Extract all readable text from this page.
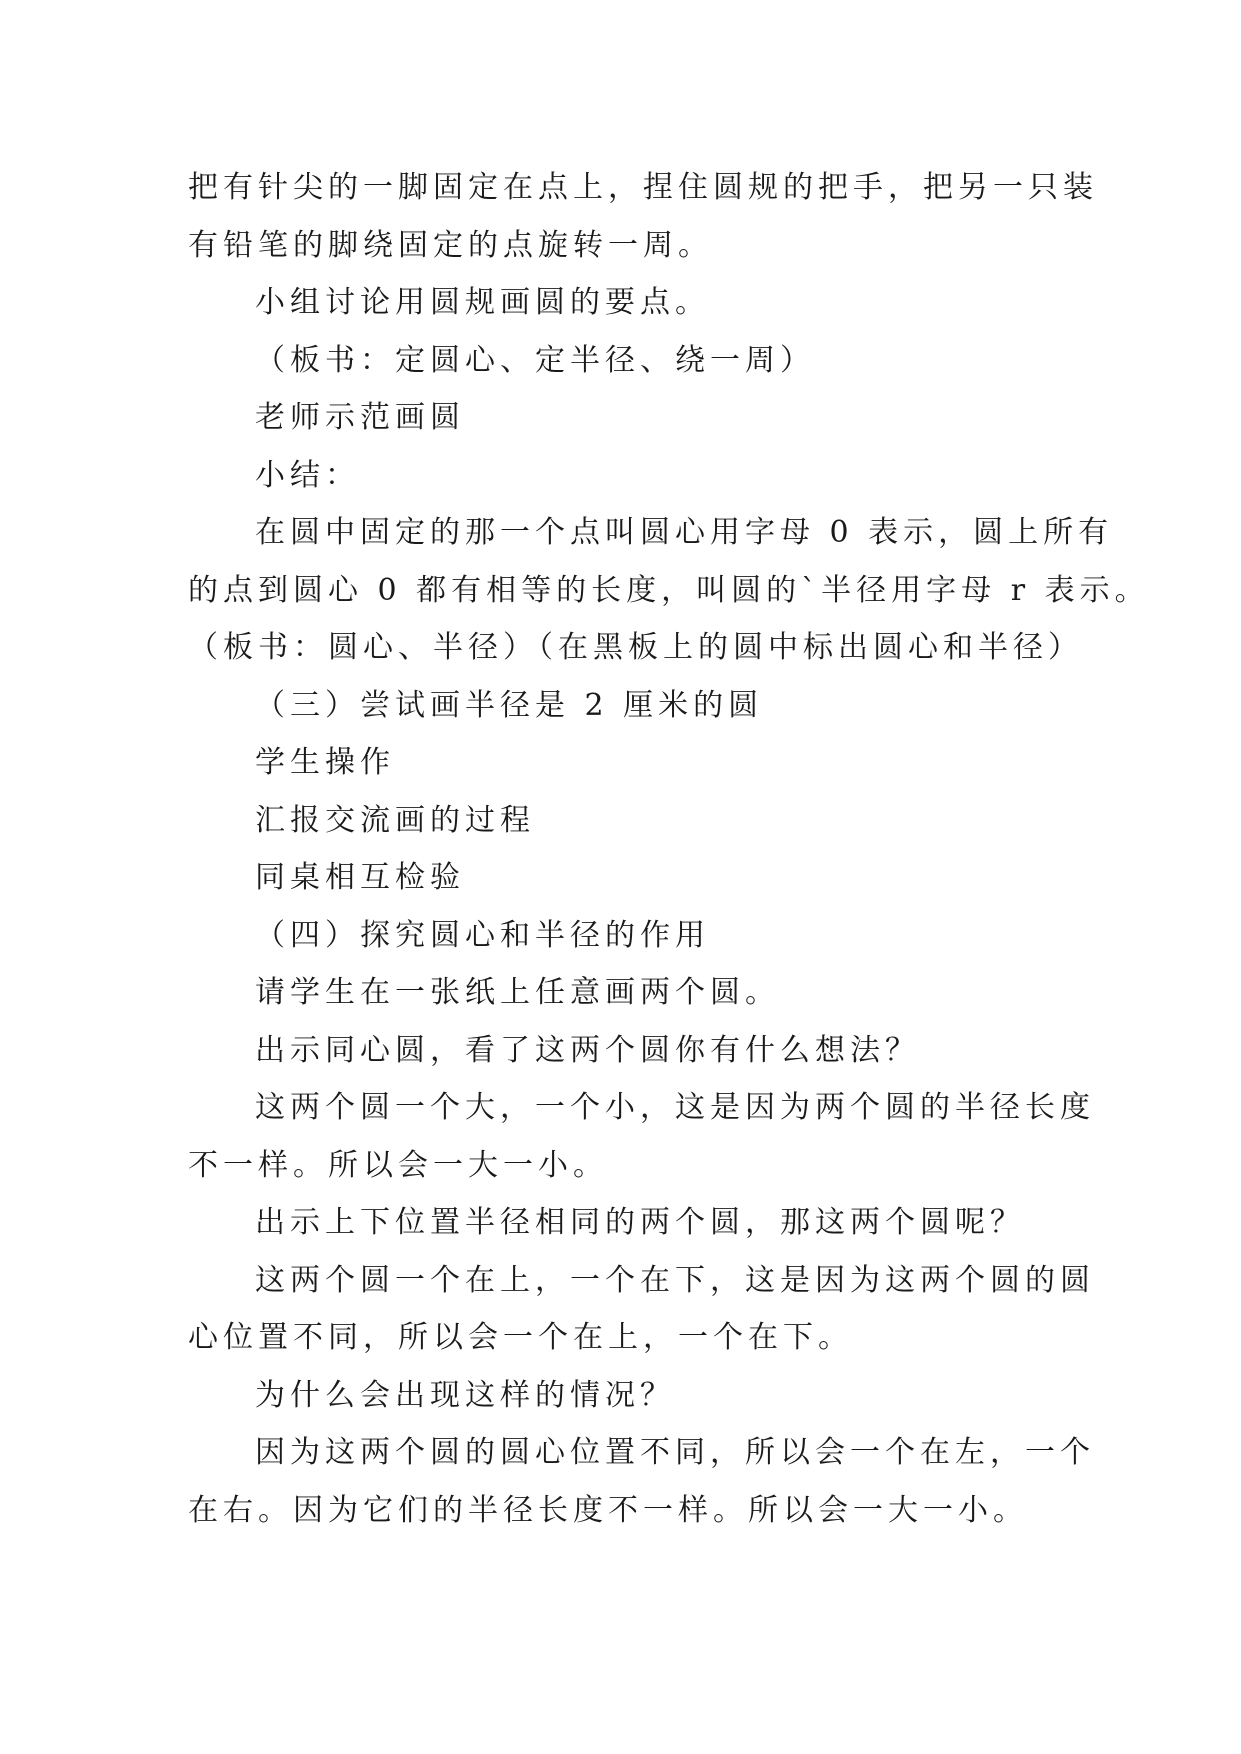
把有针尖的一脚固定在点上，捏住圆规的把手，把另一只装
有铅笔的脚绕固定的点旋转一周。
小组讨论用圆规画圆的要点。
（板书：定圆心、定半径、绕一周）
老师示范画圆
小结：
在圆中固定的那一个点叫圆心用字母 0 表示，圆上所有
的点到圆心 0 都有相等的长度，叫圆的`半径用字母 r 表示。
（板书：圆心、半径）（在黑板上的圆中标出圆心和半径）
（三）尝试画半径是 2 厘米的圆
学生操作
汇报交流画的过程
同桌相互检验
（四）探究圆心和半径的作用
请学生在一张纸上任意画两个圆。
出示同心圆，看了这两个圆你有什么想法？
这两个圆一个大，一个小，这是因为两个圆的半径长度
不一样。所以会一大一小。
出示上下位置半径相同的两个圆，那这两个圆呢？
这两个圆一个在上，一个在下，这是因为这两个圆的圆
心位置不同，所以会一个在上，一个在下。
为什么会出现这样的情况？
因为这两个圆的圆心位置不同，所以会一个在左，一个
在右。因为它们的半径长度不一样。所以会一大一小。
